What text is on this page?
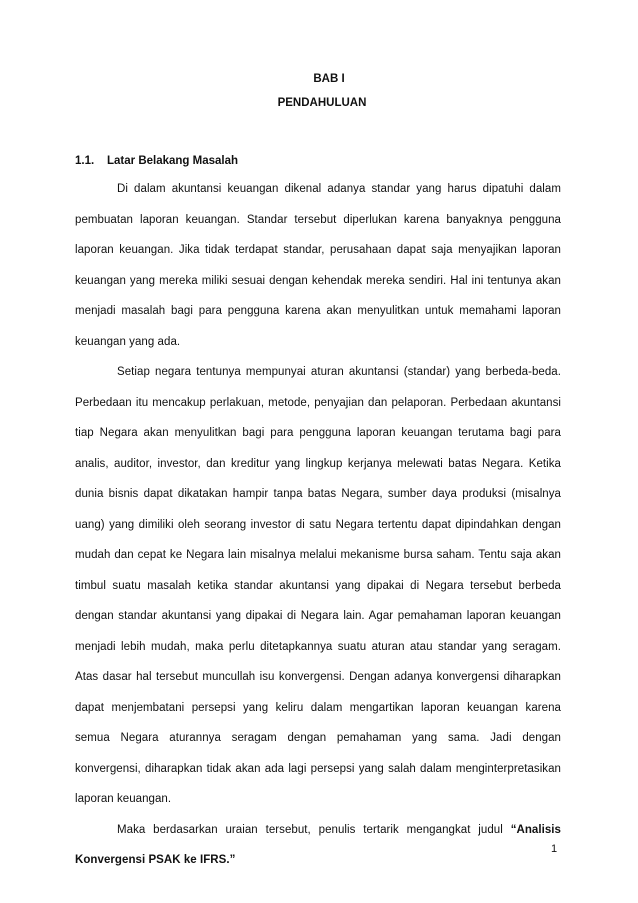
BAB I
PENDAHULUAN
1.1. Latar Belakang Masalah

Di dalam akuntansi keuangan dikenal adanya standar yang harus dipatuhi dalam pembuatan laporan keuangan. Standar tersebut diperlukan karena banyaknya pengguna laporan keuangan. Jika tidak terdapat standar, perusahaan dapat saja menyajikan laporan keuangan yang mereka miliki sesuai dengan kehendak mereka sendiri. Hal ini tentunya akan menjadi masalah bagi para pengguna karena akan menyulitkan untuk memahami laporan keuangan yang ada.

Setiap negara tentunya mempunyai aturan akuntansi (standar) yang berbeda-beda. Perbedaan itu mencakup perlakuan, metode, penyajian dan pelaporan. Perbedaan akuntansi tiap Negara akan menyulitkan bagi para pengguna laporan keuangan terutama bagi para analis, auditor, investor, dan kreditur yang lingkup kerjanya melewati batas Negara. Ketika dunia bisnis dapat dikatakan hampir tanpa batas Negara, sumber daya produksi (misalnya uang) yang dimiliki oleh seorang investor di satu Negara tertentu dapat dipindahkan dengan mudah dan cepat ke Negara lain misalnya melalui mekanisme bursa saham. Tentu saja akan timbul suatu masalah ketika standar akuntansi yang dipakai di Negara tersebut berbeda dengan standar akuntansi yang dipakai di Negara lain. Agar pemahaman laporan keuangan menjadi lebih mudah, maka perlu ditetapkannya suatu aturan atau standar yang seragam. Atas dasar hal tersebut muncullah isu konvergensi. Dengan adanya konvergensi diharapkan dapat menjembatani persepsi yang keliru dalam mengartikan laporan keuangan karena semua Negara aturannya seragam dengan pemahaman yang sama. Jadi dengan konvergensi, diharapkan tidak akan ada lagi persepsi yang salah dalam menginterpretasikan laporan keuangan.

Maka berdasarkan uraian tersebut, penulis tertarik mengangkat judul “Analisis Konvergensi PSAK ke IFRS.”

1
